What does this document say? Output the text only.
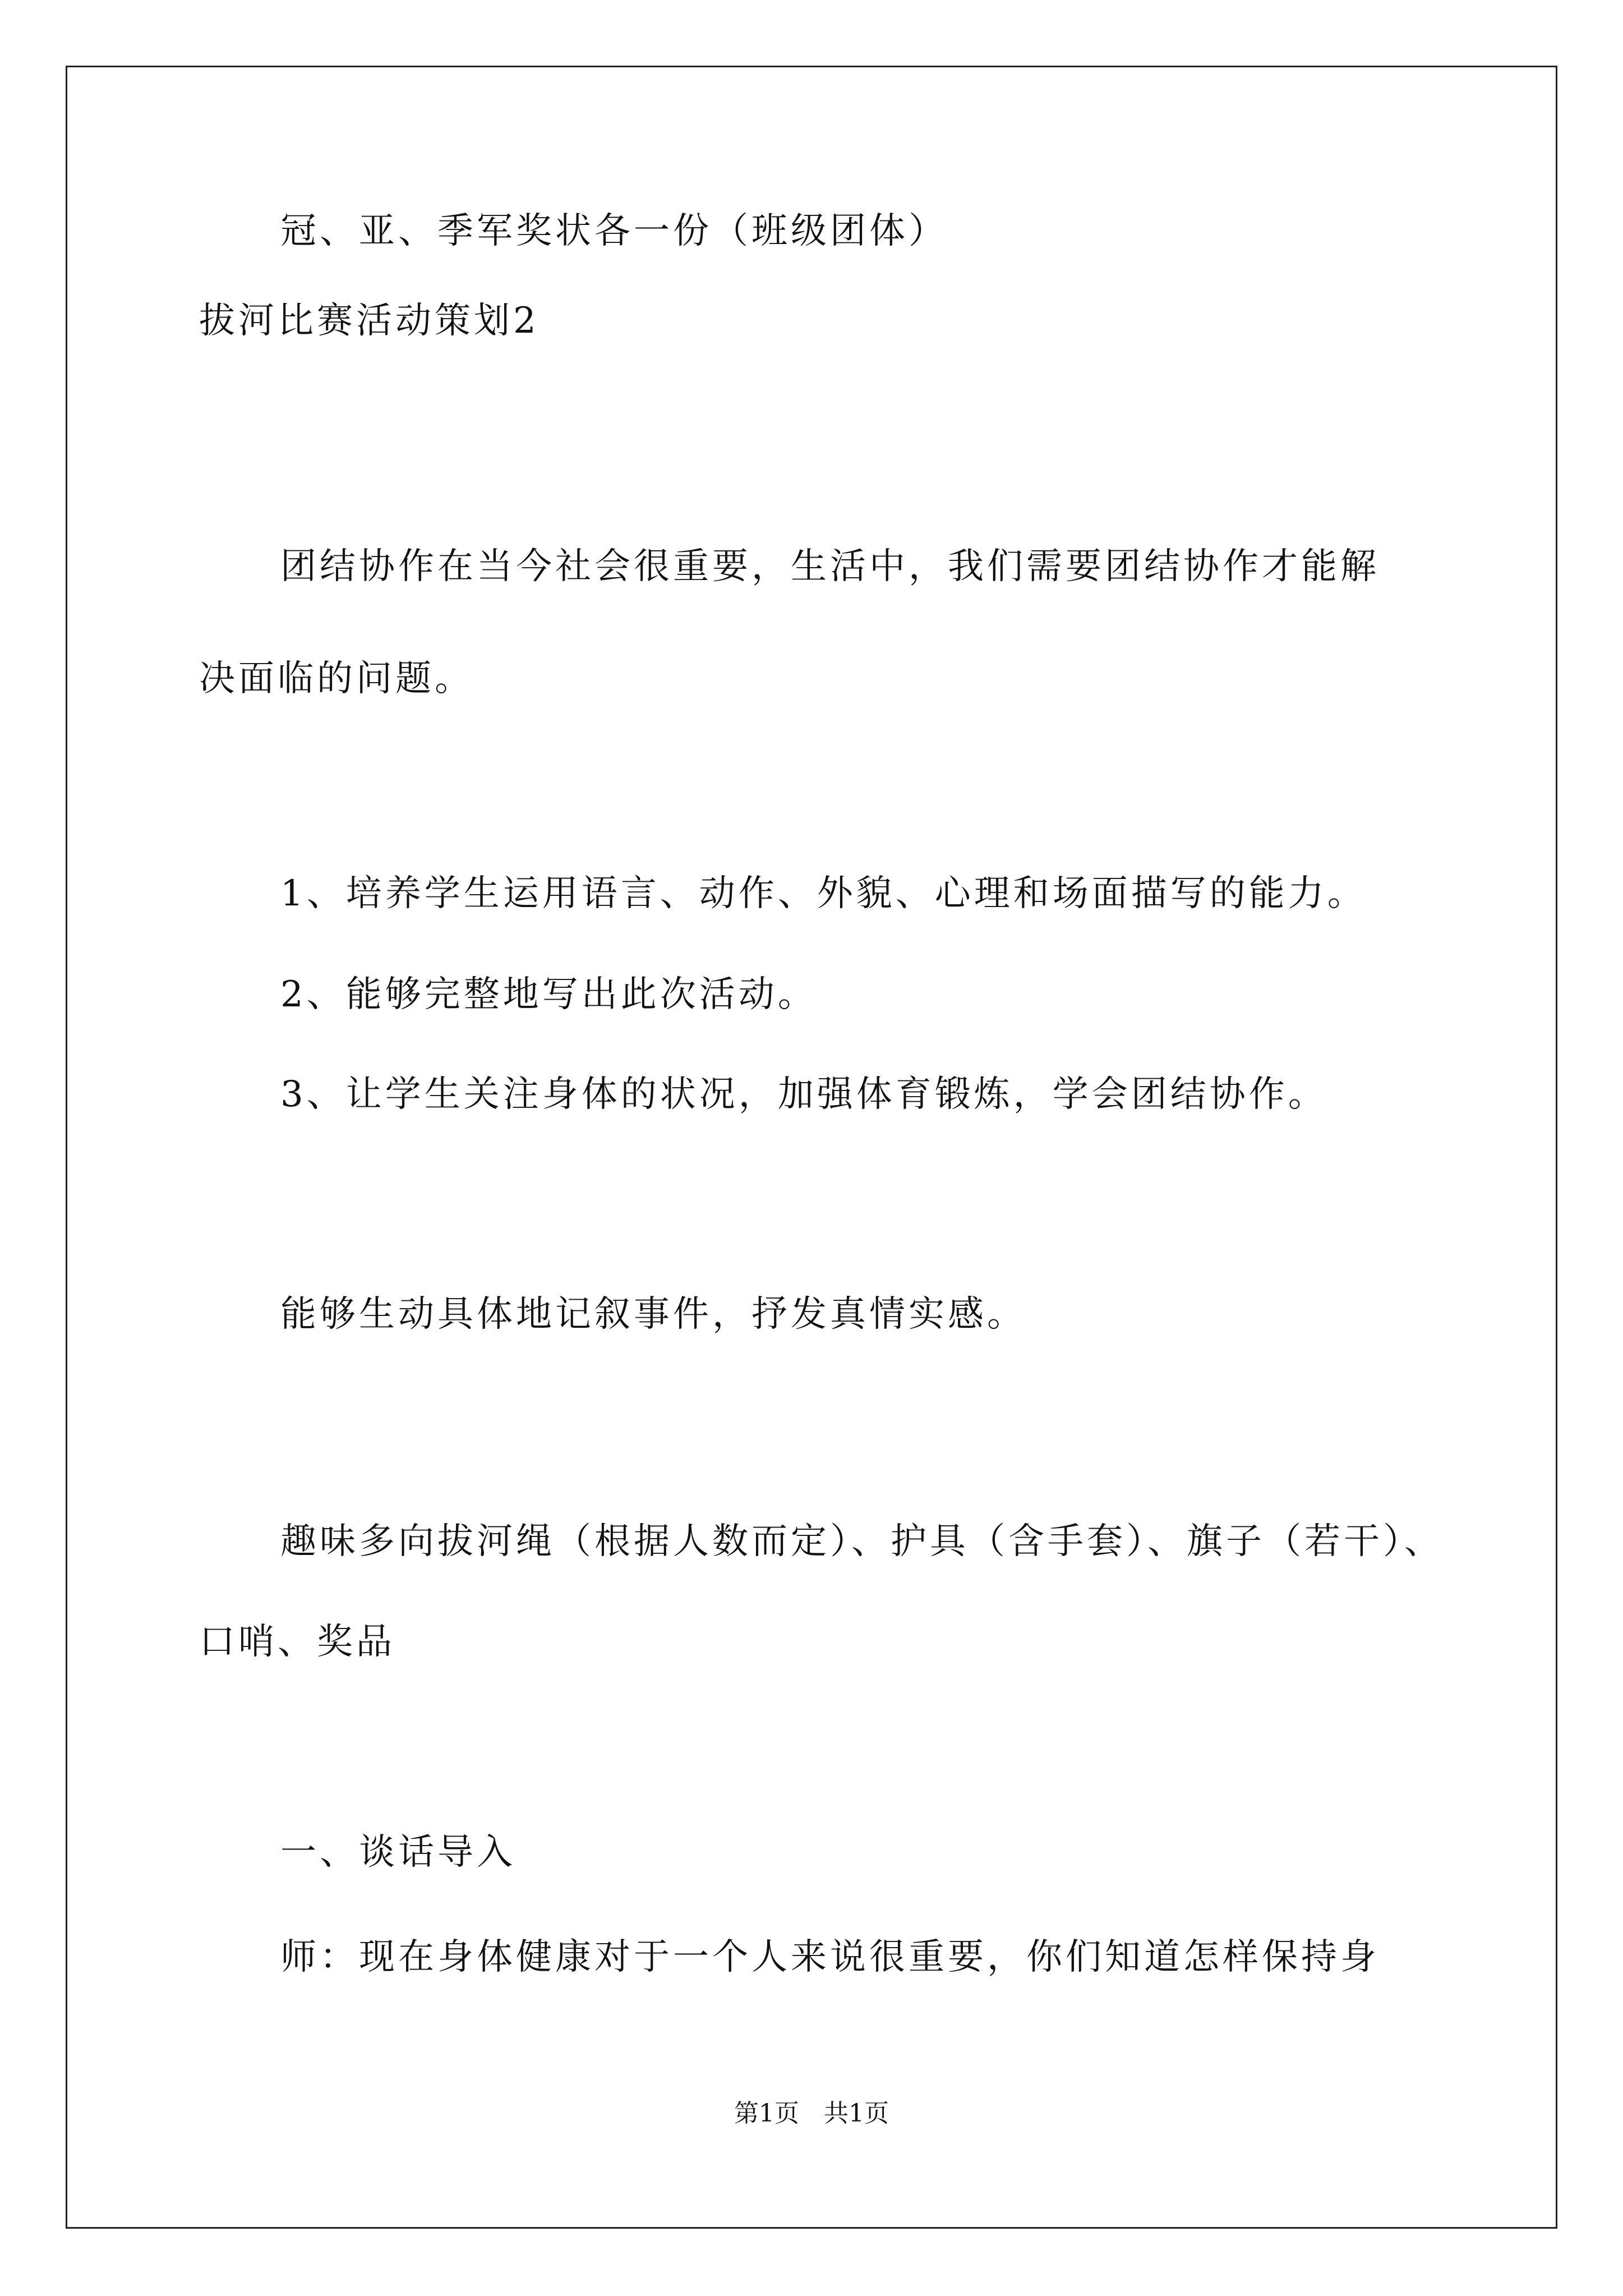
冠、亚、季军奖状各一份（班级团体）
拔河比赛活动策划2
团结协作在当今社会很重要，生活中，我们需要团结协作才能解
决面临的问题。
1、培养学生运用语言、动作、外貌、心理和场面描写的能力。
2、能够完整地写出此次活动。
3、让学生关注身体的状况，加强体育锻炼，学会团结协作。
能够生动具体地记叙事件，抒发真情实感。
趣味多向拔河绳（根据人数而定）、护具（含手套）、旗子（若干）、
口哨、奖品
一、谈话导入
师：现在身体健康对于一个人来说很重要，你们知道怎样保持身
第1页　共1页
